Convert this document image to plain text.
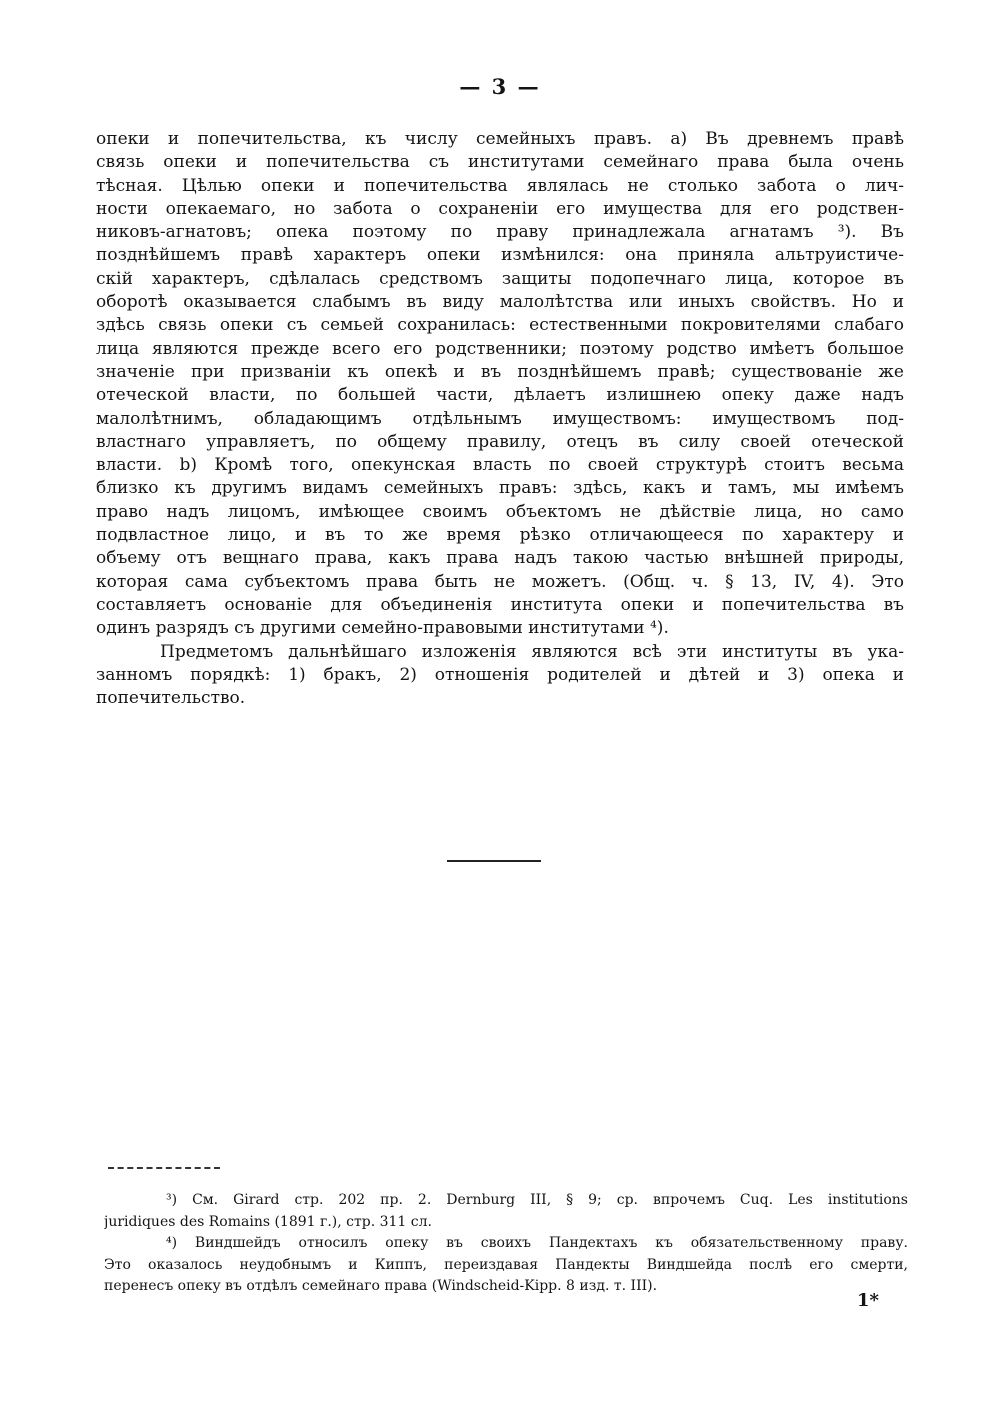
— 3 —
опеки и попечительства, къ числу семейныхъ правъ. a) Въ древнемъ правѣ
связь опеки и попечительства съ институтами семейнаго права была очень
тѣсная. Цѣлью опеки и попечительства являлась не столько забота о лич-
ности опекаемаго, но забота о сохраненіи его имущества для его родствен-
никовъ-агнатовъ; опека поэтому по праву принадлежала агнатамъ ³). Въ
позднѣйшемъ правѣ характеръ опеки измѣнился: она приняла альтруистиче-
скій характеръ, сдѣлалась средствомъ защиты подопечнаго лица, которое въ
оборотѣ оказывается слабымъ въ виду малолѣтства или иныхъ свойствъ. Но и
здѣсь связь опеки съ семьей сохранилась: естественными покровителями слабаго
лица являются прежде всего его родственники; поэтому родство имѣетъ большое
значеніе при призваніи къ опекѣ и въ позднѣйшемъ правѣ; существованіе же
отеческой власти, по большей части, дѣлаетъ излишнею опеку даже надъ
малолѣтнимъ, обладающимъ отдѣльнымъ имуществомъ: имуществомъ под-
властнаго управляетъ, по общему правилу, отецъ въ силу своей отеческой
власти. b) Кромѣ того, опекунская власть по своей структурѣ стоитъ весьма
близко къ другимъ видамъ семейныхъ правъ: здѣсь, какъ и тамъ, мы имѣемъ
право надъ лицомъ, имѣющее своимъ объектомъ не дѣйствіе лица, но само
подвластное лицо, и въ то же время рѣзко отличающееся по характеру и
объему отъ вещнаго права, какъ права надъ такою частью внѣшней природы,
которая сама субъектомъ права быть не можетъ. (Общ. ч. § 13, IV, 4). Это
составляетъ основаніе для объединенія института опеки и попечительства въ
одинъ разрядъ съ другими семейно-правовыми институтами ⁴).
Предметомъ дальнѣйшаго изложенія являются всѣ эти институты въ ука-
занномъ порядкѣ: 1) бракъ, 2) отношенія родителей и дѣтей и 3) опека и
попечительство.
³) См. Girard стр. 202 пр. 2. Dernburg III, § 9; ср. впрочемъ Cuq. Les institutions
juridiques des Romains (1891 г.), стр. 311 сл.
⁴) Виндшейдъ относилъ опеку въ своихъ Пандектахъ къ обязательственному праву.
Это оказалось неудобнымъ и Киппъ, переиздавая Пандекты Виндшейда послѣ его смерти,
перенесъ опеку въ отдѣлъ семейнаго права (Windscheid-Kipp. 8 изд. т. III).
1*
